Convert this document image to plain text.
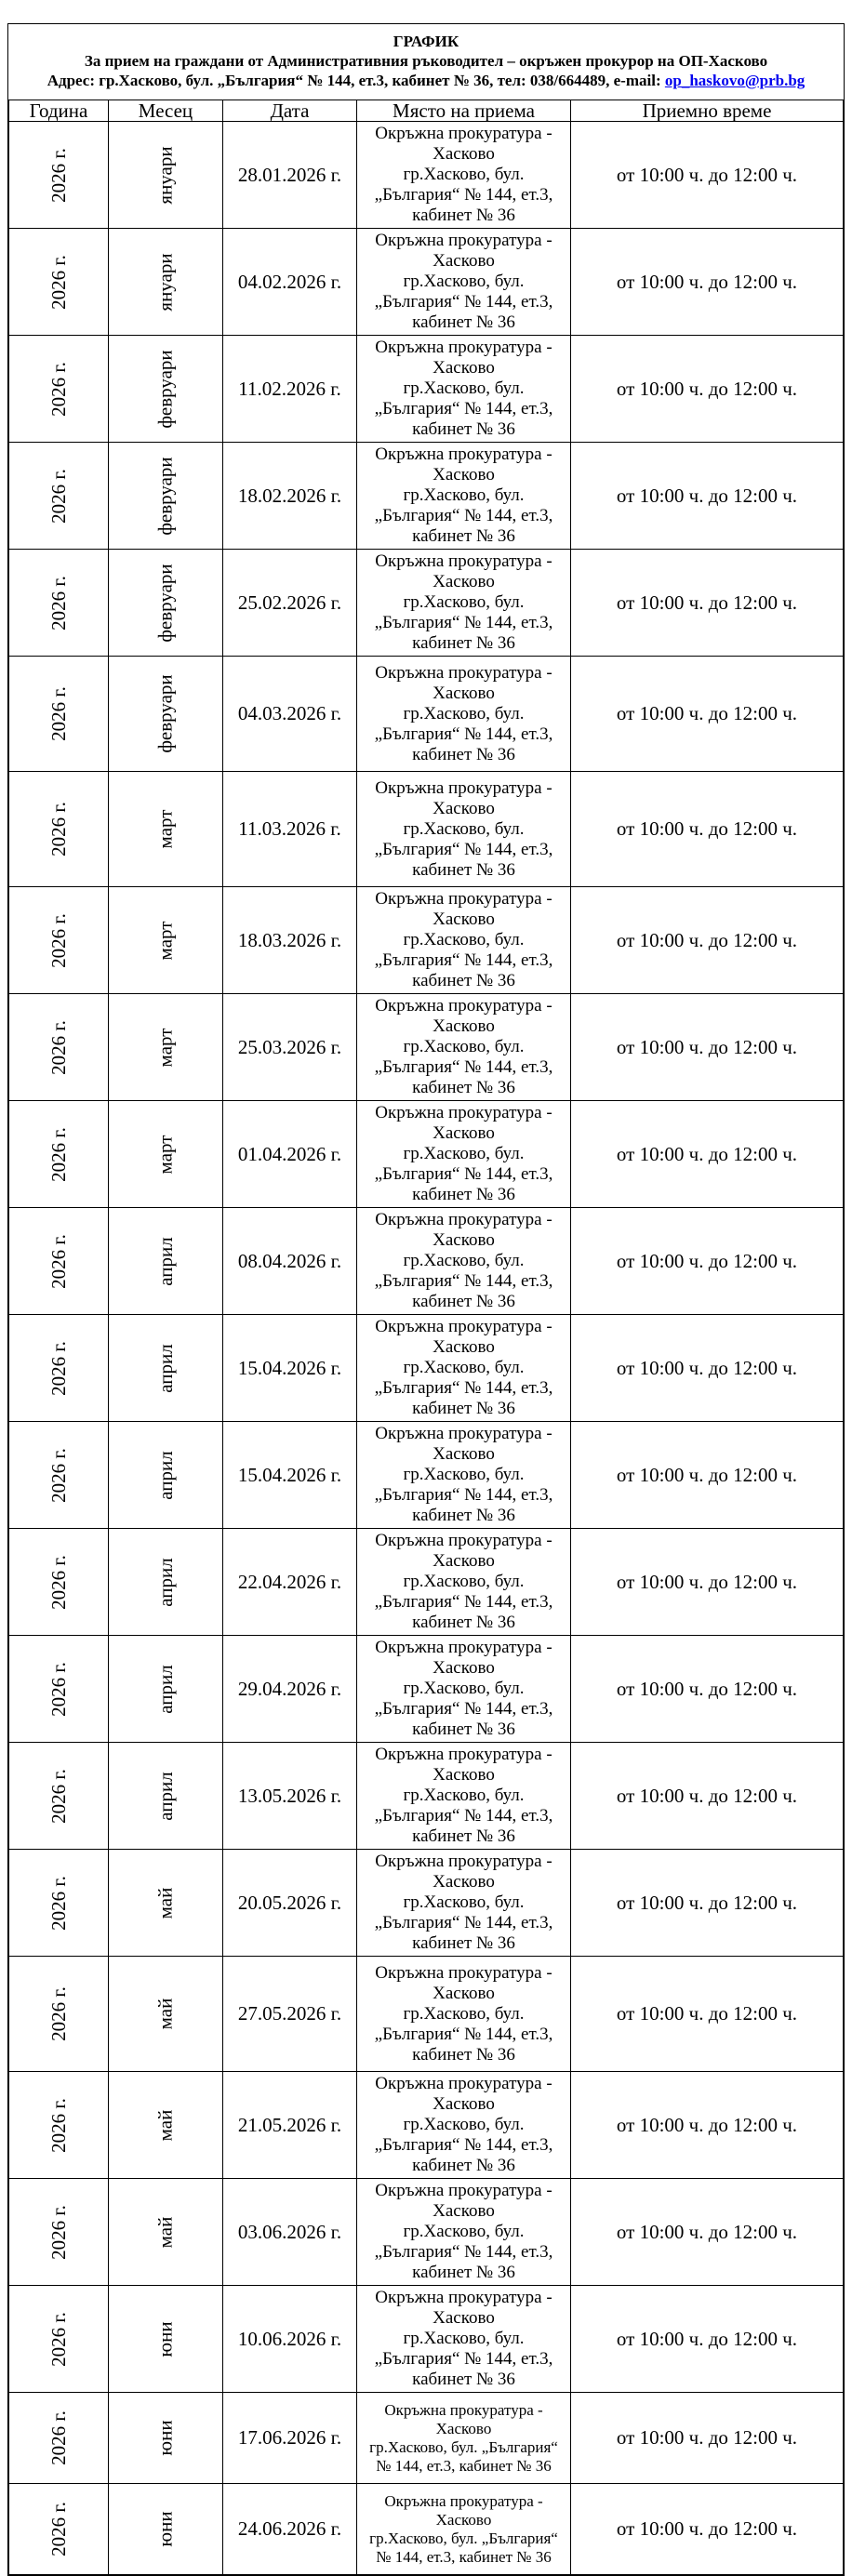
ГРАФИК
За прием на граждани от Административния ръководител – окръжен прокурор на ОП-Хасково
Адрес: гр.Хасково, бул. „България“ № 144, ет.3, кабинет № 36, тел: 038/664489, e-mail: op_haskovo@prb.bg
Година	Месец	Дата	Място на приема	Приемно време
2026 г.	януари	28.01.2026 г.	Окръжна прокуратура -
Хасково
гр.Хасково, бул.
„България“ № 144, ет.3,
кабинет № 36	от 10:00 ч. до 12:00 ч.
2026 г.	януари	04.02.2026 г.	Окръжна прокуратура -
Хасково
гр.Хасково, бул.
„България“ № 144, ет.3,
кабинет № 36	от 10:00 ч. до 12:00 ч.
2026 г.	февруари	11.02.2026 г.	Окръжна прокуратура -
Хасково
гр.Хасково, бул.
„България“ № 144, ет.3,
кабинет № 36	от 10:00 ч. до 12:00 ч.
2026 г.	февруари	18.02.2026 г.	Окръжна прокуратура -
Хасково
гр.Хасково, бул.
„България“ № 144, ет.3,
кабинет № 36	от 10:00 ч. до 12:00 ч.
2026 г.	февруари	25.02.2026 г.	Окръжна прокуратура -
Хасково
гр.Хасково, бул.
„България“ № 144, ет.3,
кабинет № 36	от 10:00 ч. до 12:00 ч.
2026 г.	февруари	04.03.2026 г.	Окръжна прокуратура -
Хасково
гр.Хасково, бул.
„България“ № 144, ет.3,
кабинет № 36	от 10:00 ч. до 12:00 ч.
2026 г.	март	11.03.2026 г.	Окръжна прокуратура -
Хасково
гр.Хасково, бул.
„България“ № 144, ет.3,
кабинет № 36	от 10:00 ч. до 12:00 ч.
2026 г.	март	18.03.2026 г.	Окръжна прокуратура -
Хасково
гр.Хасково, бул.
„България“ № 144, ет.3,
кабинет № 36	от 10:00 ч. до 12:00 ч.
2026 г.	март	25.03.2026 г.	Окръжна прокуратура -
Хасково
гр.Хасково, бул.
„България“ № 144, ет.3,
кабинет № 36	от 10:00 ч. до 12:00 ч.
2026 г.	март	01.04.2026 г.	Окръжна прокуратура -
Хасково
гр.Хасково, бул.
„България“ № 144, ет.3,
кабинет № 36	от 10:00 ч. до 12:00 ч.
2026 г.	април	08.04.2026 г.	Окръжна прокуратура -
Хасково
гр.Хасково, бул.
„България“ № 144, ет.3,
кабинет № 36	от 10:00 ч. до 12:00 ч.
2026 г.	април	15.04.2026 г.	Окръжна прокуратура -
Хасково
гр.Хасково, бул.
„България“ № 144, ет.3,
кабинет № 36	от 10:00 ч. до 12:00 ч.
2026 г.	април	15.04.2026 г.	Окръжна прокуратура -
Хасково
гр.Хасково, бул.
„България“ № 144, ет.3,
кабинет № 36	от 10:00 ч. до 12:00 ч.
2026 г.	април	22.04.2026 г.	Окръжна прокуратура -
Хасково
гр.Хасково, бул.
„България“ № 144, ет.3,
кабинет № 36	от 10:00 ч. до 12:00 ч.
2026 г.	април	29.04.2026 г.	Окръжна прокуратура -
Хасково
гр.Хасково, бул.
„България“ № 144, ет.3,
кабинет № 36	от 10:00 ч. до 12:00 ч.
2026 г.	април	13.05.2026 г.	Окръжна прокуратура -
Хасково
гр.Хасково, бул.
„България“ № 144, ет.3,
кабинет № 36	от 10:00 ч. до 12:00 ч.
2026 г.	май	20.05.2026 г.	Окръжна прокуратура -
Хасково
гр.Хасково, бул.
„България“ № 144, ет.3,
кабинет № 36	от 10:00 ч. до 12:00 ч.
2026 г.	май	27.05.2026 г.	Окръжна прокуратура -
Хасково
гр.Хасково, бул.
„България“ № 144, ет.3,
кабинет № 36	от 10:00 ч. до 12:00 ч.
2026 г.	май	21.05.2026 г.	Окръжна прокуратура -
Хасково
гр.Хасково, бул.
„България“ № 144, ет.3,
кабинет № 36	от 10:00 ч. до 12:00 ч.
2026 г.	май	03.06.2026 г.	Окръжна прокуратура -
Хасково
гр.Хасково, бул.
„България“ № 144, ет.3,
кабинет № 36	от 10:00 ч. до 12:00 ч.
2026 г.	юни	10.06.2026 г.	Окръжна прокуратура -
Хасково
гр.Хасково, бул.
„България“ № 144, ет.3,
кабинет № 36	от 10:00 ч. до 12:00 ч.
2026 г.	юни	17.06.2026 г.	Окръжна прокуратура -
Хасково
гр.Хасково, бул. „България“
№ 144, ет.3, кабинет № 36	от 10:00 ч. до 12:00 ч.
2026 г.	юни	24.06.2026 г.	Окръжна прокуратура -
Хасково
гр.Хасково, бул. „България“
№ 144, ет.3, кабинет № 36	от 10:00 ч. до 12:00 ч.
